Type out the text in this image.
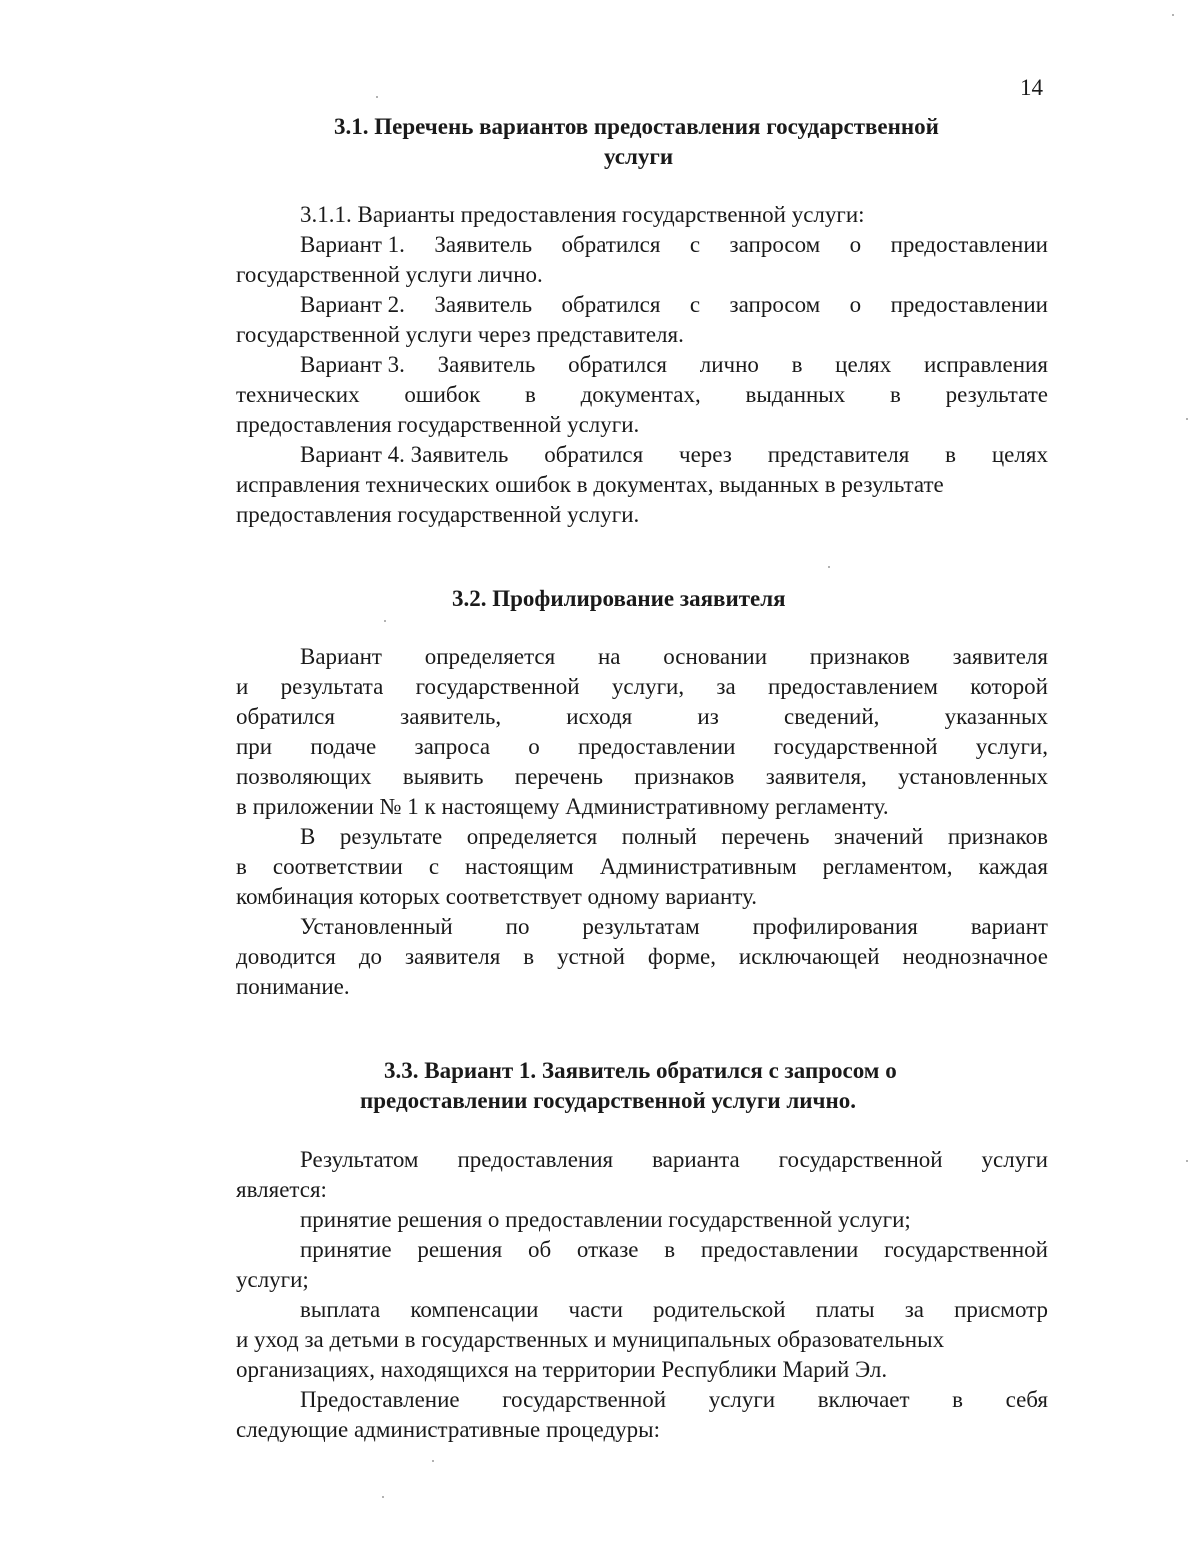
14
3.1. Перечень вариантов предоставления государственной
услуги
3.1.1. Варианты предоставления государственной услуги:
Вариант 1. Заявитель обратился с запросом о предоставлении
государственной услуги лично.
Вариант 2. Заявитель обратился с запросом о предоставлении
государственной услуги через представителя.
Вариант 3. Заявитель обратился лично в целях исправления
технических ошибок в документах, выданных в результате
предоставления государственной услуги.
Вариант 4. Заявитель обратился через представителя в целях
исправления технических ошибок в документах, выданных в результате
предоставления государственной услуги.
3.2. Профилирование заявителя
Вариант определяется на основании признаков заявителя
и результата государственной услуги, за предоставлением которой
обратился	заявитель,	исходя	из	сведений,	указанных
при подаче запроса о предоставлении государственной услуги,
позволяющих выявить перечень признаков заявителя, установленных
в приложении № 1 к настоящему Административному регламенту.
В результате определяется полный перечень значений признаков
в соответствии с настоящим Административным регламентом, каждая
комбинация которых соответствует одному варианту.
Установленный по результатам профилирования вариант
доводится до заявителя в устной форме, исключающей неоднозначное
понимание.
3.3. Вариант 1. Заявитель обратился с запросом о
предоставлении государственной услуги лично.
Результатом предоставления варианта государственной услуги
является:
принятие решения о предоставлении государственной услуги;
принятие решения об отказе в предоставлении государственной
услуги;
выплата компенсации части родительской платы за присмотр
и уход за детьми в государственных и муниципальных образовательных
организациях, находящихся на территории Республики Марий Эл.
Предоставление государственной услуги включает в себя
следующие административные процедуры:
